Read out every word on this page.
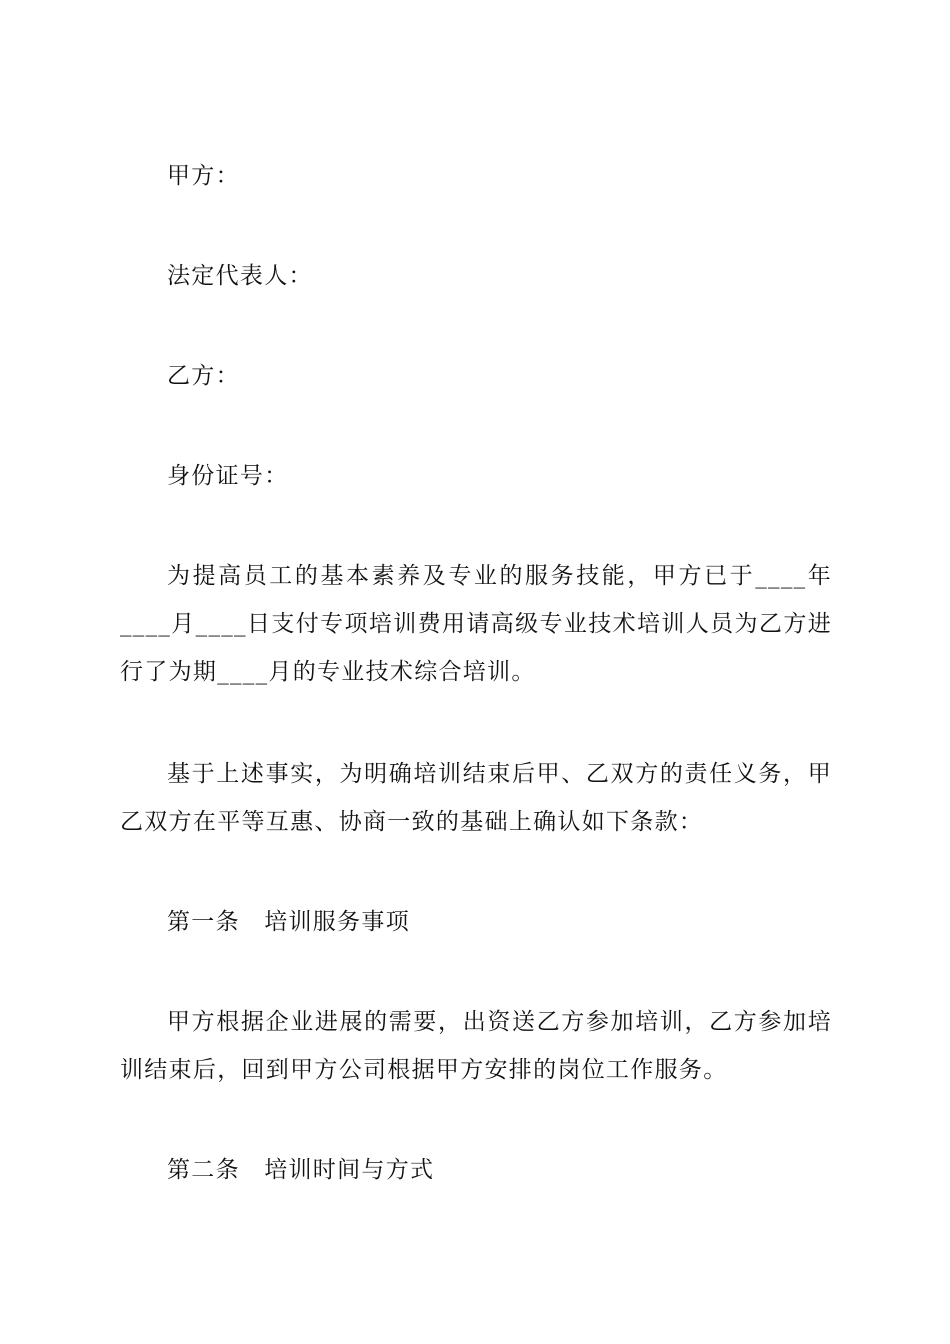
甲方：

法定代表人：

乙方：

身份证号：

为提高员工的基本素养及专业的服务技能，甲方已于____年____月____日支付专项培训费用请高级专业技术培训人员为乙方进行了为期____月的专业技术综合培训。

基于上述事实，为明确培训结束后甲、乙双方的责任义务，甲乙双方在平等互惠、协商一致的基础上确认如下条款：

第一条　培训服务事项

甲方根据企业进展的需要，出资送乙方参加培训，乙方参加培训结束后，回到甲方公司根据甲方安排的岗位工作服务。

第二条　培训时间与方式
